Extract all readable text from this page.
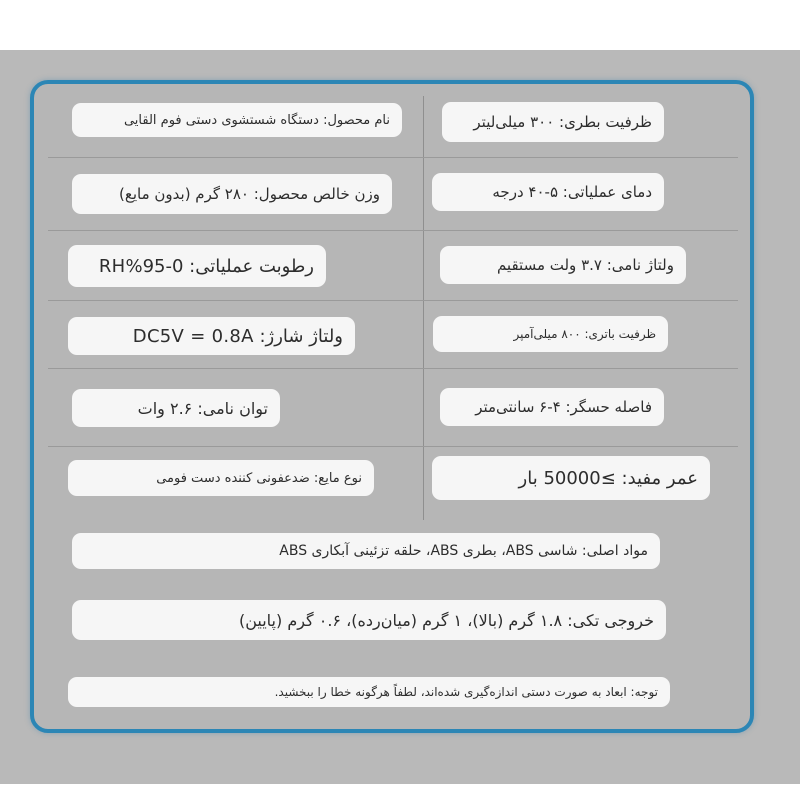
ظرفیت بطری: ۳۰۰ میلی‌لیتر
نام محصول: دستگاه شستشوی دستی فوم القایی
دمای عملیاتی: ۵-۴۰ درجه
وزن خالص محصول: ۲۸۰ گرم (بدون مایع)
ولتاژ نامی: ۳.۷ ولت مستقیم
رطوبت عملیاتی: 0-95%RH
ظرفیت باتری: ۸۰۰ میلی‌آمپر
ولتاژ شارژ: DC5V = 0.8A
فاصله حسگر: ۴-۶ سانتی‌متر
توان نامی: ۲.۶ وات
عمر مفید: ≥50000 بار
نوع مایع: ضدعفونی کننده دست فومی
مواد اصلی: شاسی ABS، بطری ABS، حلقه تزئینی آبکاری ABS
خروجی تکی: ۱.۸ گرم (بالا)، ۱ گرم (میان‌رده)، ۰.۶ گرم (پایین)
توجه: ابعاد به صورت دستی اندازه‌گیری شده‌اند، لطفاً هرگونه خطا را ببخشید.
